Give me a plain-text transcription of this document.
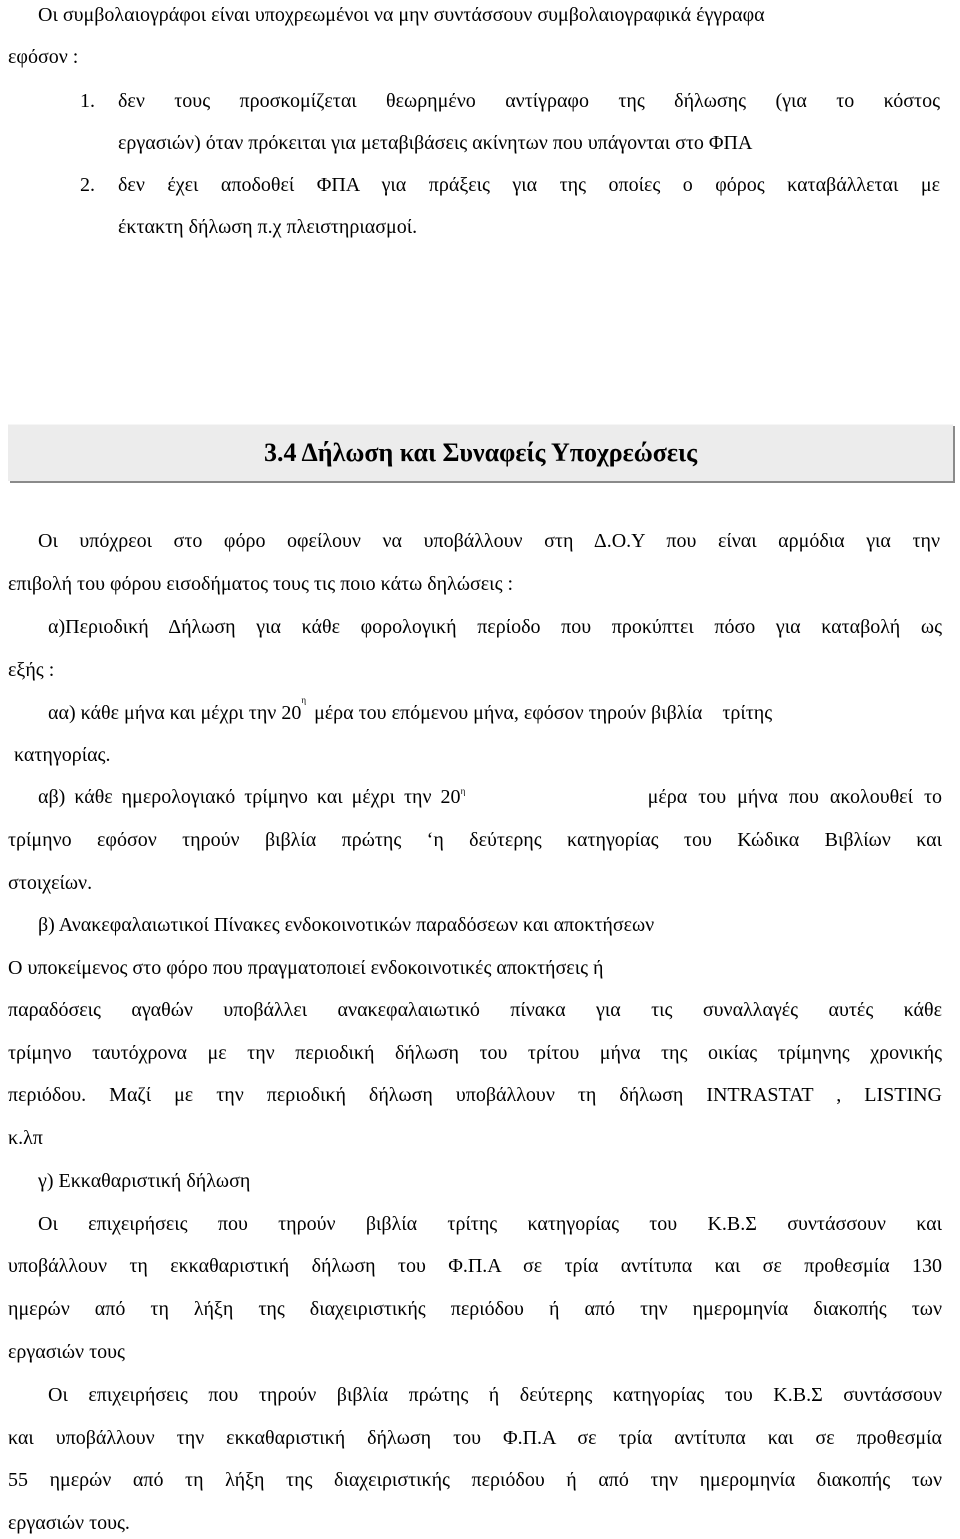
Οι συμβολαιογράφοι είναι υποχρεωμένοι να μην συντάσσουν συμβολαιογραφικά έγγραφα
εφόσον :
1. δεν τους προσκομίζεται θεωρημένο αντίγραφο της δήλωσης (για το κόστος
εργασιών) όταν πρόκειται για μεταβιβάσεις ακίνητων που υπάγονται στο ΦΠΑ
2. δεν έχει αποδοθεί ΦΠΑ για πράξεις για της οποίες ο φόρος καταβάλλεται με
έκτακτη δήλωση π.χ πλειστηριασμοί.
3.4 Δήλωση και Συναφείς Υποχρεώσεις
Οι υπόχρεοι στο φόρο οφείλουν να υποβάλλουν στη Δ.Ο.Υ που είναι αρμόδια για την
επιβολή του φόρου εισοδήματος τους τις ποιο κάτω δηλώσεις :
α)Περιοδική Δήλωση για κάθε φορολογική περίοδο που προκύπτει πόσο για καταβολή ως
εξής :
αα) κάθε μήνα και μέχρι την 20
η
μέρα του επόμενου μήνα, εφόσον τηρούν βιβλία    τρίτης
κατηγορίας.
αβ) κάθε ημερολογιακό τρίμηνο και μέχρι την $20^\eta$	μέρα του μήνα που ακολουθεί το
τρίμηνο εφόσον τηρούν βιβλία πρώτης ‘η δεύτερης κατηγορίας του Κώδικα Βιβλίων και
στοιχείων.
β) Ανακεφαλαιωτικοί Πίνακες ενδοκοινοτικών παραδόσεων και αποκτήσεων
Ο υποκείμενος στο φόρο που πραγματοποιεί ενδοκοινοτικές αποκτήσεις ή
παραδόσεις αγαθών υποβάλλει ανακεφαλαιωτικό πίνακα για τις συναλλαγές αυτές κάθε
τρίμηνο ταυτόχρονα με την περιοδική δήλωση του τρίτου μήνα της οικίας τρίμηνης χρονικής
περιόδου. Μαζί με την περιοδική δήλωση υποβάλλουν τη δήλωση INTRASTAT , LISTING
κ.λπ
γ) Εκκαθαριστική δήλωση
Οι επιχειρήσεις που τηρούν βιβλία τρίτης κατηγορίας του Κ.Β.Σ συντάσσουν και
υποβάλλουν τη εκκαθαριστική δήλωση του Φ.Π.Α σε τρία αντίτυπα και σε προθεσμία 130
ημερών από τη λήξη της διαχειριστικής περιόδου ή από την ημερομηνία διακοπής των
εργασιών τους
Οι επιχειρήσεις που τηρούν βιβλία πρώτης ή δεύτερης κατηγορίας του Κ.Β.Σ συντάσσουν
και υποβάλλουν την εκκαθαριστική δήλωση του Φ.Π.Α σε τρία αντίτυπα και σε προθεσμία
55 ημερών από τη λήξη της διαχειριστικής περιόδου ή από την ημερομηνία διακοπής των
εργασιών τους.
